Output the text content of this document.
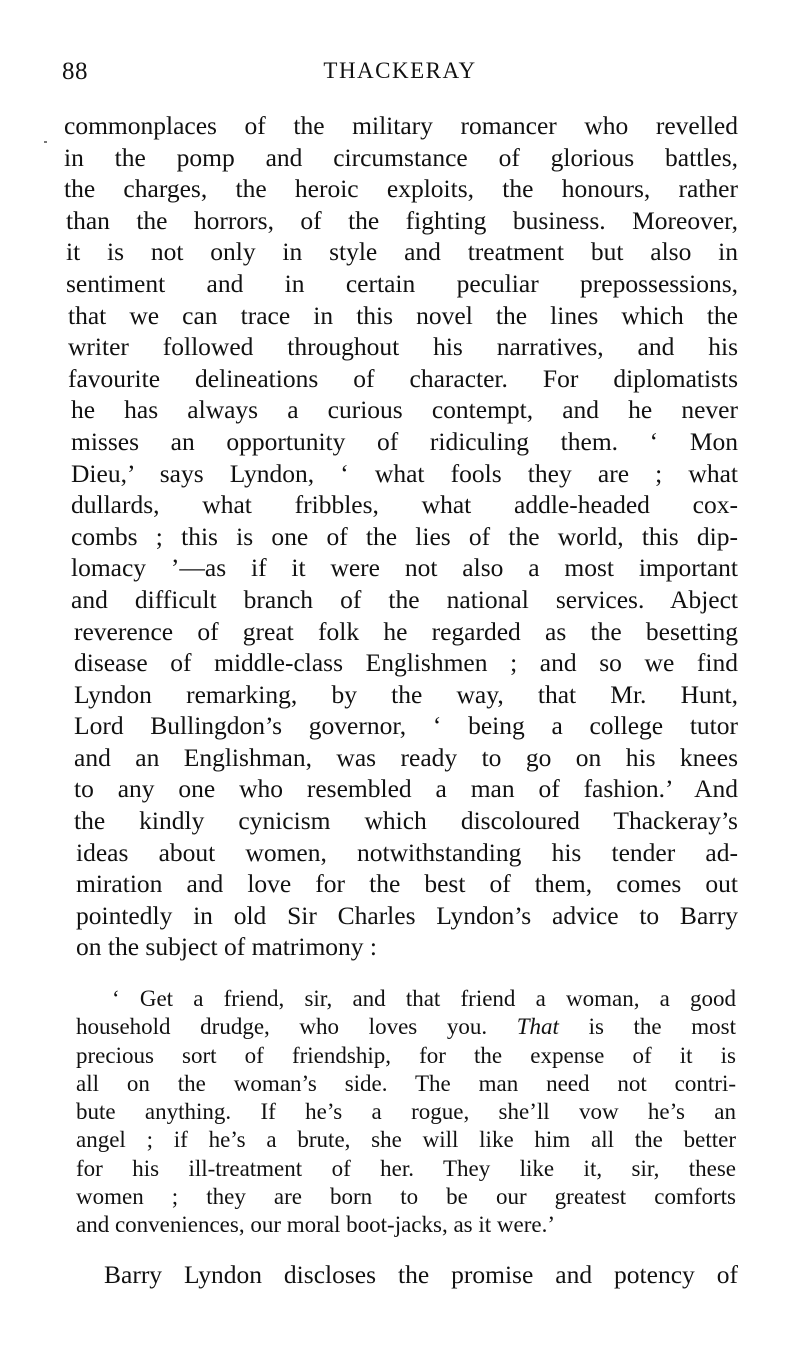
88	THACKERAY
commonplaces of the military romancer who revelled
in the pomp and circumstance of glorious battles,
the charges, the heroic exploits, the honours, rather
than the horrors, of the fighting business. Moreover,
it is not only in style and treatment but also in
sentiment and in certain peculiar prepossessions,
that we can trace in this novel the lines which the
writer followed throughout his narratives, and his
favourite delineations of character. For diplomatists
he has always a curious contempt, and he never
misses an opportunity of ridiculing them. ‘ Mon
Dieu,’ says Lyndon, ‘ what fools they are ; what
dullards, what fribbles, what addle-headed cox-
combs ; this is one of the lies of the world, this dip-
lomacy ’—as if it were not also a most important
and difficult branch of the national services. Abject
reverence of great folk he regarded as the besetting
disease of middle-class Englishmen ; and so we find
Lyndon remarking, by the way, that Mr. Hunt,
Lord Bullingdon’s governor, ‘ being a college tutor
and an Englishman, was ready to go on his knees
to any one who resembled a man of fashion.’ And
the kindly cynicism which discoloured Thackeray’s
ideas about women, notwithstanding his tender ad-
miration and love for the best of them, comes out
pointedly in old Sir Charles Lyndon’s advice to Barry
on the subject of matrimony :
‘ Get a friend, sir, and that friend a woman, a good
household drudge, who loves you. That is the most
precious sort of friendship, for the expense of it is
all on the woman’s side. The man need not contri-
bute anything. If he’s a rogue, she’ll vow he’s an
angel ; if he’s a brute, she will like him all the better
for his ill-treatment of her. They like it, sir, these
women ; they are born to be our greatest comforts
and conveniences, our moral boot-jacks, as it were.’
Barry Lyndon discloses the promise and potency of
